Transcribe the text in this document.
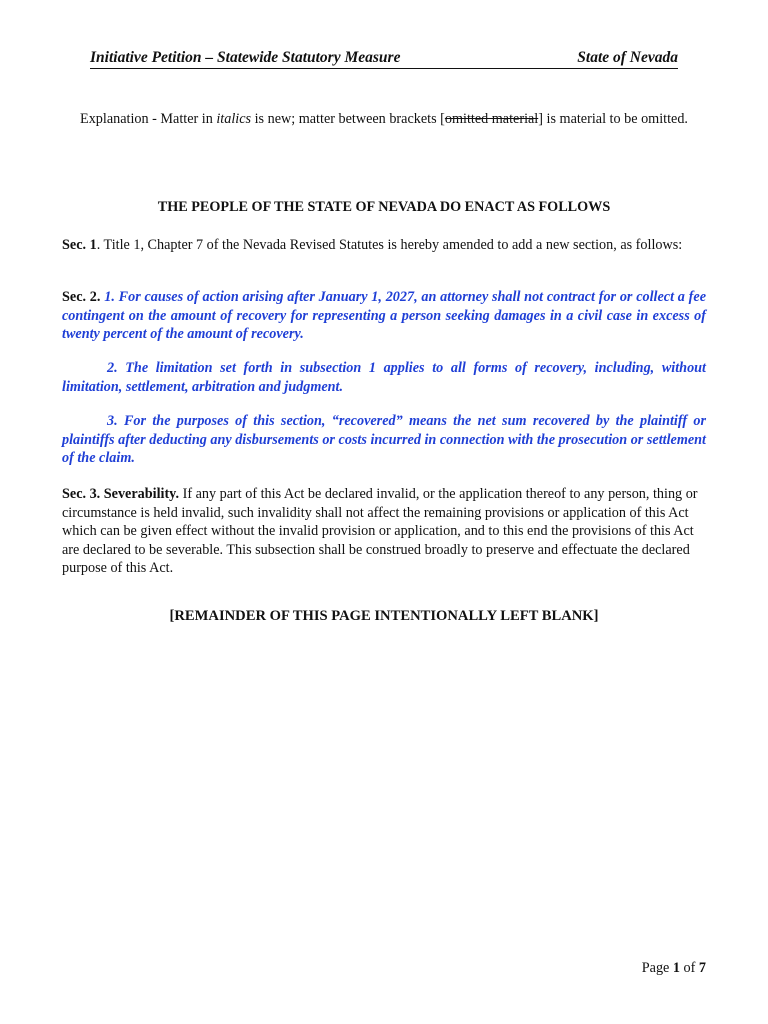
Initiative Petition – Statewide Statutory Measure	State of Nevada
Explanation - Matter in italics is new; matter between brackets [omitted material] is material to be omitted.
THE PEOPLE OF THE STATE OF NEVADA DO ENACT AS FOLLOWS
Sec. 1. Title 1, Chapter 7 of the Nevada Revised Statutes is hereby amended to add a new section, as follows:
Sec. 2. 1. For causes of action arising after January 1, 2027, an attorney shall not contract for or collect a fee contingent on the amount of recovery for representing a person seeking damages in a civil case in excess of twenty percent of the amount of recovery.
2. The limitation set forth in subsection 1 applies to all forms of recovery, including, without limitation, settlement, arbitration and judgment.
3. For the purposes of this section, “recovered” means the net sum recovered by the plaintiff or plaintiffs after deducting any disbursements or costs incurred in connection with the prosecution or settlement of the claim.
Sec. 3. Severability. If any part of this Act be declared invalid, or the application thereof to any person, thing or circumstance is held invalid, such invalidity shall not affect the remaining provisions or application of this Act which can be given effect without the invalid provision or application, and to this end the provisions of this Act are declared to be severable. This subsection shall be construed broadly to preserve and effectuate the declared purpose of this Act.
[REMAINDER OF THIS PAGE INTENTIONALLY LEFT BLANK]
Page 1 of 7
